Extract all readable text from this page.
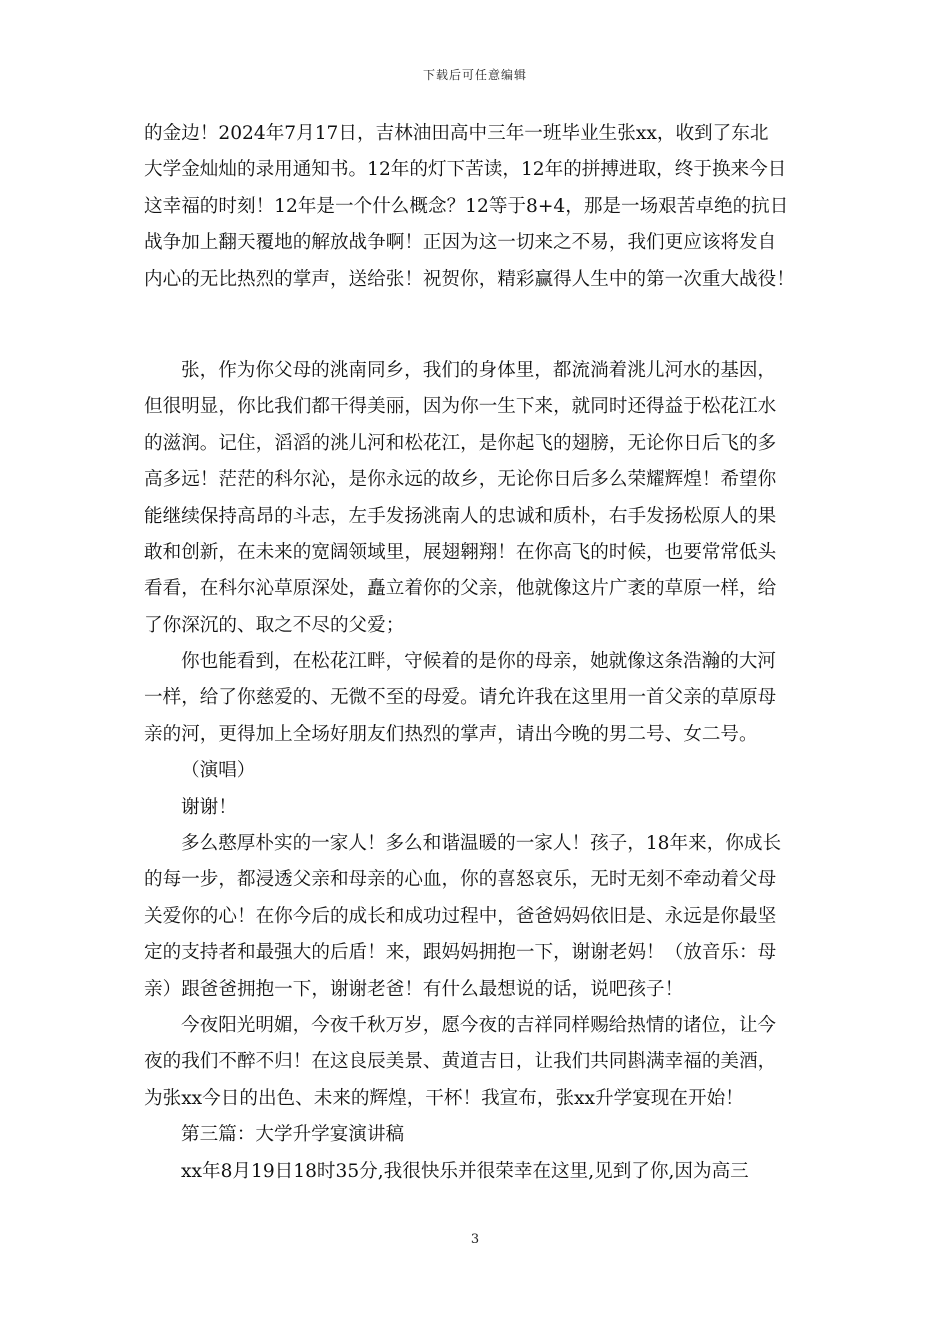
下载后可任意编辑
的金边！2024年7月17日，吉林油田高中三年一班毕业生张xx，收到了东北
大学金灿灿的录用通知书。12年的灯下苦读，12年的拼搏进取，终于换来今日
这幸福的时刻！12年是一个什么概念？12等于8+4，那是一场艰苦卓绝的抗日
战争加上翻天覆地的解放战争啊！正因为这一切来之不易，我们更应该将发自
内心的无比热烈的掌声，送给张！祝贺你，精彩赢得人生中的第一次重大战役！
张，作为你父母的洮南同乡，我们的身体里，都流淌着洮儿河水的基因，
但很明显，你比我们都干得美丽，因为你一生下来，就同时还得益于松花江水
的滋润。记住，滔滔的洮儿河和松花江，是你起飞的翅膀，无论你日后飞的多
高多远！茫茫的科尔沁，是你永远的故乡，无论你日后多么荣耀辉煌！希望你
能继续保持高昂的斗志，左手发扬洮南人的忠诚和质朴，右手发扬松原人的果
敢和创新，在未来的宽阔领域里，展翅翱翔！在你高飞的时候，也要常常低头
看看，在科尔沁草原深处，矗立着你的父亲，他就像这片广袤的草原一样，给
了你深沉的、取之不尽的父爱；
你也能看到，在松花江畔，守候着的是你的母亲，她就像这条浩瀚的大河
一样，给了你慈爱的、无微不至的母爱。请允许我在这里用一首父亲的草原母
亲的河，更得加上全场好朋友们热烈的掌声，请出今晚的男二号、女二号。
（演唱）
谢谢！
多么憨厚朴实的一家人！多么和谐温暖的一家人！孩子，18年来，你成长
的每一步，都浸透父亲和母亲的心血，你的喜怒哀乐，无时无刻不牵动着父母
关爱你的心！在你今后的成长和成功过程中，爸爸妈妈依旧是、永远是你最坚
定的支持者和最强大的后盾！来，跟妈妈拥抱一下，谢谢老妈！（放音乐：母
亲）跟爸爸拥抱一下，谢谢老爸！有什么最想说的话，说吧孩子！
今夜阳光明媚，今夜千秋万岁，愿今夜的吉祥同样赐给热情的诸位，让今
夜的我们不醉不归！在这良辰美景、黄道吉日，让我们共同斟满幸福的美酒，
为张xx今日的出色、未来的辉煌，干杯！我宣布，张xx升学宴现在开始！
第三篇：大学升学宴演讲稿
xx年8月19日18时35分,我很快乐并很荣幸在这里,见到了你,因为高三
3
